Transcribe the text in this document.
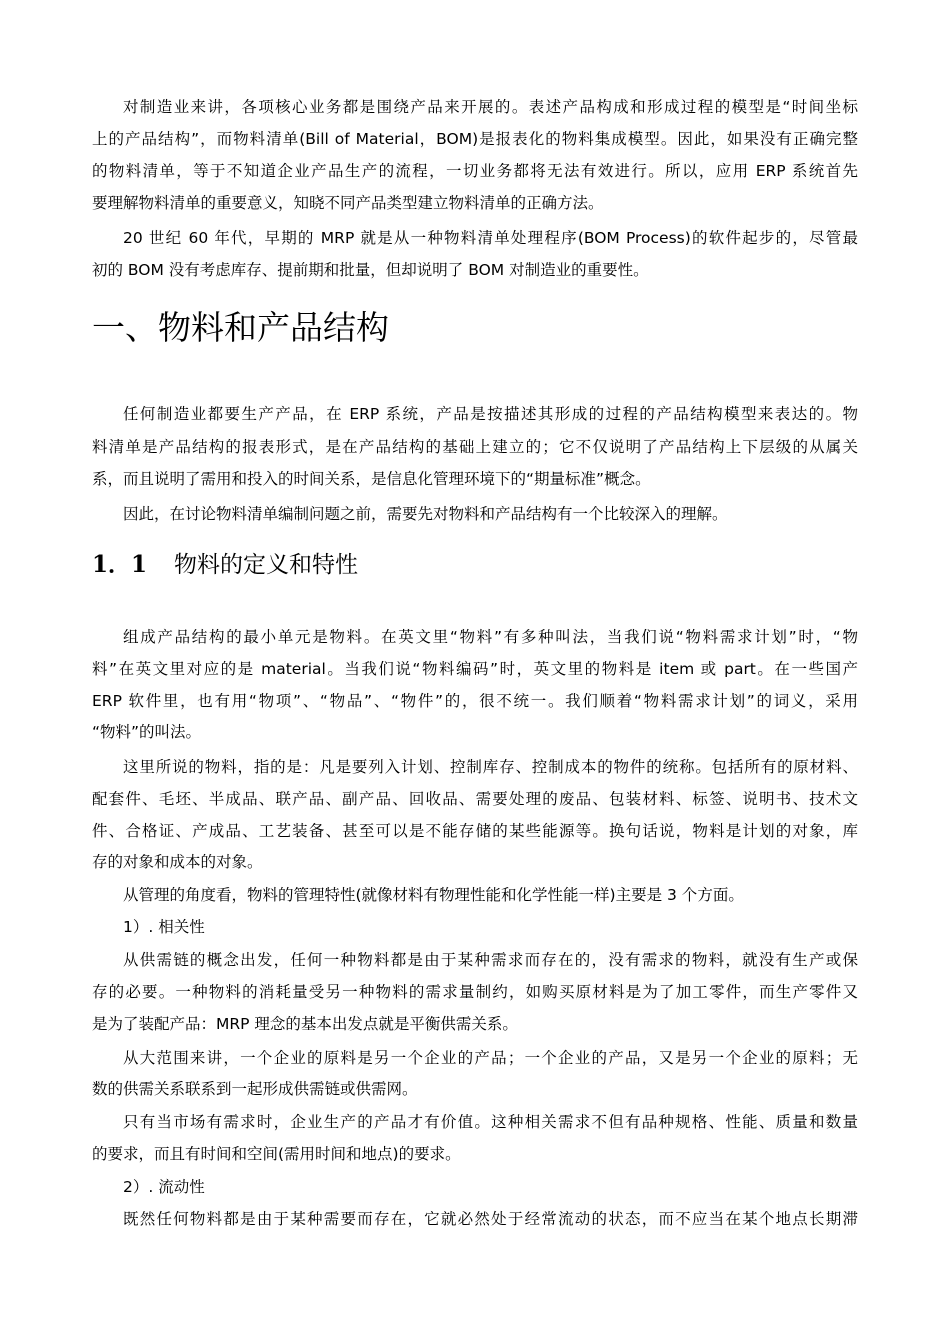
对制造业来讲，各项核心业务都是围绕产品来开展的。表述产品构成和形成过程的模型是“时间坐标
上的产品结构”，而物料清单(Bill of Material，BOM)是报表化的物料集成模型。因此，如果没有正确完整
的物料清单，等于不知道企业产品生产的流程，一切业务都将无法有效进行。所以，应用 ERP 系统首先
要理解物料清单的重要意义，知晓不同产品类型建立物料清单的正确方法。
20 世纪 60 年代，早期的 MRP 就是从一种物料清单处理程序(BOM Process)的软件起步的，尽管最
初的 BOM 没有考虑库存、提前期和批量，但却说明了 BOM 对制造业的重要性。
一、物料和产品结构
任何制造业都要生产产品，在 ERP 系统，产品是按描述其形成的过程的产品结构模型来表达的。物
料清单是产品结构的报表形式，是在产品结构的基础上建立的；它不仅说明了产品结构上下层级的从属关
系，而且说明了需用和投入的时间关系，是信息化管理环境下的“期量标准”概念。
因此，在讨论物料清单编制问题之前，需要先对物料和产品结构有一个比较深入的理解。
1．1 物料的定义和特性
组成产品结构的最小单元是物料。在英文里“物料”有多种叫法，当我们说“物料需求计划”时，“物
料”在英文里对应的是 material。当我们说“物料编码”时，英文里的物料是 item 或 part。在一些国产
ERP 软件里，也有用“物项”、“物品”、“物件”的，很不统一。我们顺着“物料需求计划”的词义，采用
“物料”的叫法。
这里所说的物料，指的是：凡是要列入计划、控制库存、控制成本的物件的统称。包括所有的原材料、
配套件、毛坯、半成品、联产品、副产品、回收品、需要处理的废品、包装材料、标签、说明书、技术文
件、合格证、产成品、工艺装备、甚至可以是不能存储的某些能源等。换句话说，物料是计划的对象，库
存的对象和成本的对象。
从管理的角度看，物料的管理特性(就像材料有物理性能和化学性能一样)主要是 3 个方面。
1）. 相关性
从供需链的概念出发，任何一种物料都是由于某种需求而存在的，没有需求的物料，就没有生产或保
存的必要。一种物料的消耗量受另一种物料的需求量制约，如购买原材料是为了加工零件，而生产零件又
是为了装配产品：MRP 理念的基本出发点就是平衡供需关系。
从大范围来讲，一个企业的原料是另一个企业的产品；一个企业的产品，又是另一个企业的原料；无
数的供需关系联系到一起形成供需链或供需网。
只有当市场有需求时，企业生产的产品才有价值。这种相关需求不但有品种规格、性能、质量和数量
的要求，而且有时间和空间(需用时间和地点)的要求。
2）. 流动性
既然任何物料都是由于某种需要而存在，它就必然处于经常流动的状态，而不应当在某个地点长期滞
